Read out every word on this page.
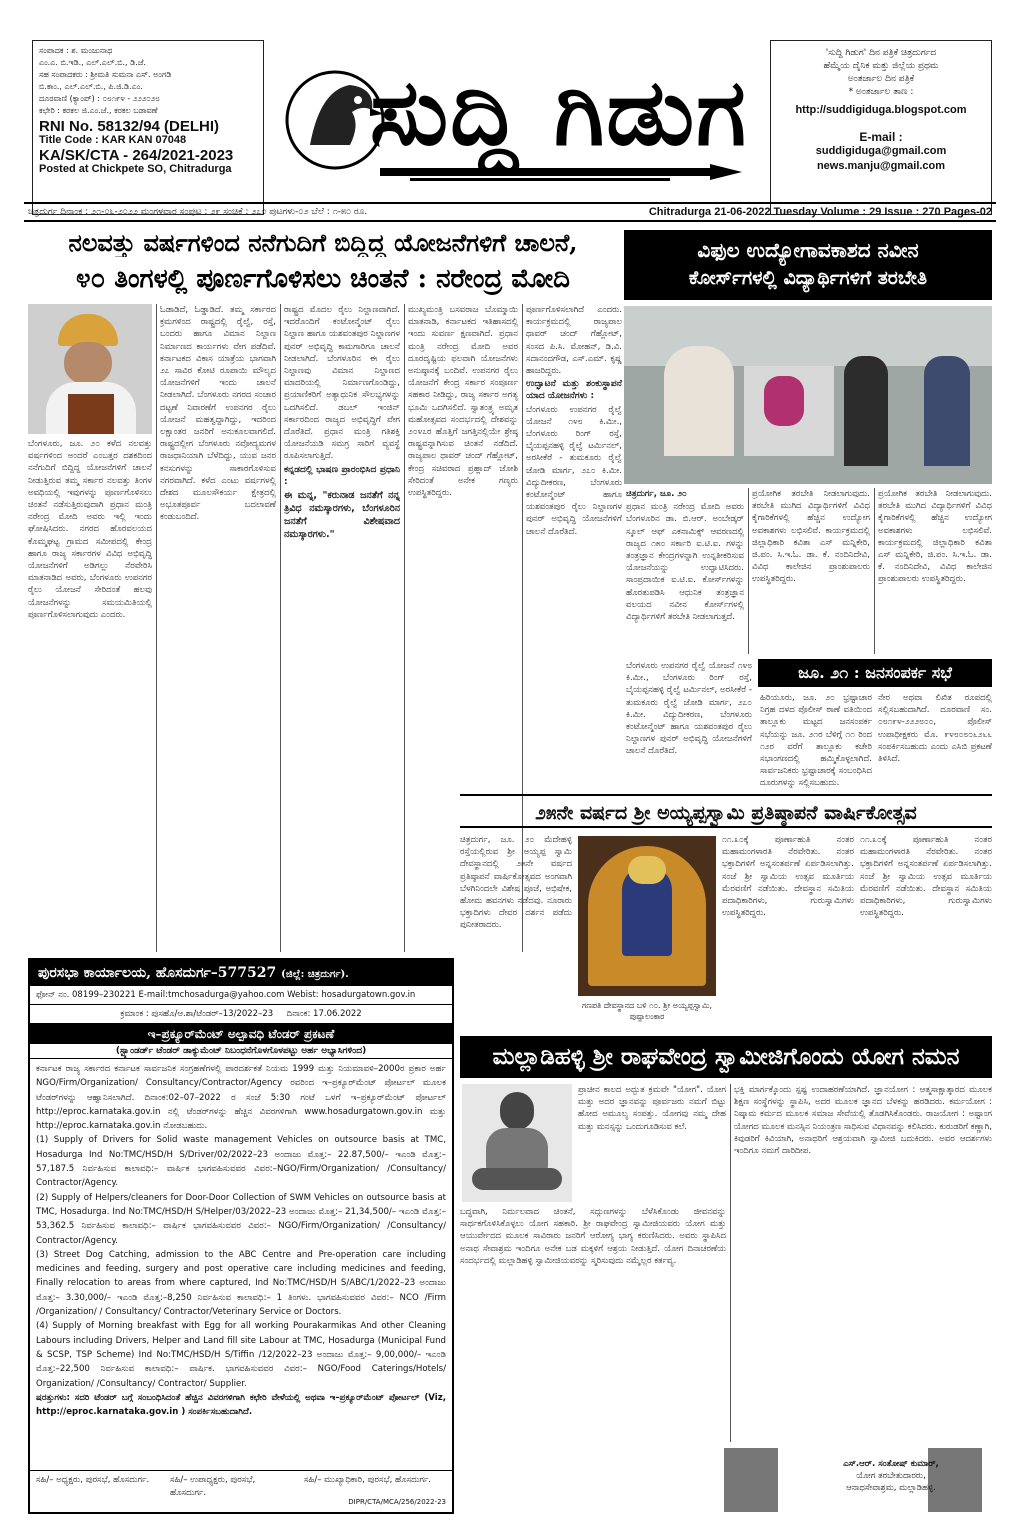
ಸಂಪಾದಕ : ಶ. ಮಂಜುನಾಥ
ಎಂ.ಎ. ಬಿ.ಇಡಿ., ಎಲ್.ಎಲ್.ಬಿ., ಡಿ.ಜೆ.
ಸಹ ಸಂಪಾದಕರು : ಶ್ರೀಮತಿ ಸುಮನಾ ಎಸ್. ಅಂಗಡಿ
ಬಿ.ಕಾಂ., ಎಲ್.ಎಲ್.ಬಿ., ಪಿ.ಜಿ.ಡಿ.ಎಂ.
ದೂರವಾಣಿ (ಕ್ಯಾಂಪ್) : ೦೮೧೯೪ - ೨೨೨೦೨೮
ಕಛೇರಿ : ಕರಕಲ ಜಿ.ಎಂ.ಜೆ., ಕರಕಲ ಬಡಾವಣೆ
RNI No. 58132/94 (DELHI)
Title Code : KAR KAN 07048
KA/SK/CTA - 264/2021-2023
Posted at Chickpete SO, Chitradurga
ಸುದ್ದಿ ಗಿಡುಗ
'ಸುದ್ದಿ ಗಿಡುಗ' ದಿನ ಪತ್ರಿಕೆ ಚಿತ್ರದುರ್ಗದ
ಹೆಮ್ಮೆಯ ದೈನಿಕ ಮತ್ತು ಜಿಲ್ಲೆಯ ಪ್ರಥಮ
ಅಂತರ್ಜಾಲ ದಿನ ಪತ್ರಿಕೆ
* ಅಂತರ್ಜಾಲ ತಾಣ :
http://suddigiduga.blogspot.com
E-mail :
suddigiduga@gmail.com
news.manju@gmail.com
ಚಿತ್ರದುರ್ಗ ದಿನಾಂಕ : ೨೧-೦೬-೨೦೨೨ ಮಂಗಳವಾರ ಸಂಪುಟ : ೨೯ ಸಂಚಿಕೆ : ೨೭೦ ಪುಟಗಳು-೦೨ ಬೆಲೆ : ೧-೫೦ ರೂ.	Chitradurga 21-06-2022 Tuesday Volume : 29 Issue : 270 Pages-02
ನಲವತ್ತು ವರ್ಷಗಳಿಂದ ನನೆಗುದಿಗೆ ಬಿದ್ದಿದ್ದ ಯೋಜನೆಗಳಿಗೆ ಚಾಲನೆ,
೪೦ ತಿಂಗಳಲ್ಲಿ ಪೂರ್ಣಗೊಳಿಸಲು ಚಿಂತನೆ : ನರೇಂದ್ರ ಮೋದಿ
ಬೆಂಗಳೂರು, ಜೂ. ೨೦ ಕಳೆದ ನಲವತ್ತು ವರ್ಷಗಳಿಂದ ಅಂದರೆ ಎಂಬತ್ತರ ದಶಕದಿಂದ ನನೆಗುದಿಗೆ ಬಿದ್ದಿದ್ದ ಯೋಜನೆಗಳಿಗೆ ಚಾಲನೆ ನೀಡುತ್ತಿರುವ ತಮ್ಮ ಸರ್ಕಾರ ನಲವತ್ತು ತಿಂಗಳ ಅವಧಿಯಲ್ಲಿ ಇವುಗಳನ್ನು ಪೂರ್ಣಗೊಳಿಸಲು ಚಿಂತನೆ ನಡೆಸುತ್ತಿರುವುದಾಗಿ ಪ್ರಧಾನ ಮಂತ್ರಿ ನರೇಂದ್ರ ಮೋದಿ ಅವರು ಇಲ್ಲಿ ಇಂದು ಘೋಷಿಸಿದರು. ನಗರದ ಹೊರವಲಯದ ಕೊಮ್ಮಘಟ್ಟ ಗ್ರಾಮದ ಸಮೀಪದಲ್ಲಿ ಕೇಂದ್ರ ಹಾಗೂ ರಾಜ್ಯ ಸರ್ಕಾರಗಳ ವಿವಿಧ ಅಭಿವೃದ್ಧಿ ಯೋಜನೆಗಳಿಗೆ ಅಡಿಗಲ್ಲು ನೆರವೇರಿಸಿ ಮಾತನಾಡಿದ ಅವರು, ಬೆಂಗಳೂರು ಉಪನಗರ ರೈಲು ಯೋಜನೆ ಸೇರಿದಂತೆ ಹಲವು ಯೋಜನೆಗಳನ್ನು ಸಮಯಮಿತಿಯಲ್ಲಿ ಪೂರ್ಣಗೊಳಿಸಲಾಗುವುದು ಎಂದರು.
ಓಡಾಡಿದೆ, ಓಡ್ಡಾಡಿದೆ. ತಮ್ಮ ಸರ್ಕಾರದ ಕ್ರಮಗಳಿಂದ ರಾಷ್ಟ್ರದಲ್ಲಿ ರೈಲ್ವೆ, ರಸ್ತೆ, ಬಂದರು ಹಾಗೂ ವಿಮಾನ ನಿಲ್ದಾಣ ನಿರ್ಮಾಣದ ಕಾರ್ಯಗಳು ವೇಗ ಪಡೆದಿವೆ. ಕರ್ನಾಟಕದ ವಿಕಾಸ ಯಾತ್ರೆಯ ಭಾಗವಾಗಿ ೨೭ ಸಾವಿರ ಕೋಟಿ ರೂಪಾಯಿ ಮೌಲ್ಯದ ಯೋಜನೆಗಳಿಗೆ ಇಂದು ಚಾಲನೆ ನೀಡಲಾಗಿದೆ. ಬೆಂಗಳೂರು ನಗರದ ಸಂಚಾರ ದಟ್ಟಣೆ ನಿವಾರಣೆಗೆ ಉಪನಗರ ರೈಲು ಯೋಜನೆ ಮಹತ್ವದ್ದಾಗಿದ್ದು, ಇದರಿಂದ ಲಕ್ಷಾಂತರ ಜನರಿಗೆ ಅನುಕೂಲವಾಗಲಿದೆ. ರಾಷ್ಟ್ರದಲ್ಲೀಗ ಬೆಂಗಳೂರು ನವೋದ್ಯಮಗಳ ರಾಜಧಾನಿಯಾಗಿ ಬೆಳೆದಿದ್ದು, ಯುವ ಜನರ ಕನಸುಗಳನ್ನು ಸಾಕಾರಗೊಳಿಸುವ ನಗರವಾಗಿದೆ. ಕಳೆದ ಎಂಟು ವರ್ಷಗಳಲ್ಲಿ ದೇಶದ ಮೂಲಸೌಕರ್ಯ ಕ್ಷೇತ್ರದಲ್ಲಿ ಅಭೂತಪೂರ್ವ ಬದಲಾವಣೆ ಕಂಡುಬಂದಿದೆ.

ರಾಷ್ಟ್ರದ ಮೊದಲ ರೈಲು ನಿಲ್ದಾಣವಾಗಿದೆ. ಇದರೊಂದಿಗೆ ಕಂಟೋನ್ಮೆಂಟ್ ರೈಲು ನಿಲ್ದಾಣ ಹಾಗೂ ಯಶವಂತಪುರ ನಿಲ್ದಾಣಗಳ ಪುನರ್ ಅಭಿವೃದ್ಧಿ ಕಾಮಗಾರಿಗೂ ಚಾಲನೆ ನೀಡಲಾಗಿದೆ. ಬೆಂಗಳೂರಿನ ಈ ರೈಲು ನಿಲ್ದಾಣವು ವಿಮಾನ ನಿಲ್ದಾಣದ ಮಾದರಿಯಲ್ಲಿ ನಿರ್ಮಾಣಗೊಂಡಿದ್ದು, ಪ್ರಯಾಣಿಕರಿಗೆ ಅತ್ಯಾಧುನಿಕ ಸೌಲಭ್ಯಗಳನ್ನು ಒದಗಿಸಲಿದೆ. ಡಬಲ್ ಇಂಜಿನ್ ಸರ್ಕಾರದಿಂದ ರಾಜ್ಯದ ಅಭಿವೃದ್ಧಿಗೆ ವೇಗ ದೊರೆತಿದೆ. ಪ್ರಧಾನ ಮಂತ್ರಿ ಗತಿಶಕ್ತಿ ಯೋಜನೆಯಡಿ ಸಮಗ್ರ ಸಾರಿಗೆ ವ್ಯವಸ್ಥೆ ರೂಪಿಸಲಾಗುತ್ತಿದೆ.

ಕನ್ನಡದಲ್ಲಿ ಭಾಷಣ ಪ್ರಾರಂಭಿಸಿದ ಪ್ರಧಾನಿ :

ಈ ಮನ್ನ, "ಕರುನಾಡ ಜನತೆಗೆ ನನ್ನ ತ್ರಿವಿಧ ನಮಸ್ಕಾರಗಳು, ಬೆಂಗಳೂರಿನ ಜನತೆಗೆ ವಿಶೇಷವಾದ ನಮಸ್ಕಾರಗಳು."

ಮುಖ್ಯಮಂತ್ರಿ ಬಸವರಾಜ ಬೊಮ್ಮಾಯಿ ಮಾತನಾಡಿ, ಕರ್ನಾಟಕದ ಇತಿಹಾಸದಲ್ಲಿ ಇಂದು ಸುವರ್ಣ ಕ್ಷಣವಾಗಿದೆ. ಪ್ರಧಾನ ಮಂತ್ರಿ ನರೇಂದ್ರ ಮೋದಿ ಅವರ ದೂರದೃಷ್ಟಿಯ ಫಲವಾಗಿ ಯೋಜನೆಗಳು ಅನುಷ್ಠಾನಕ್ಕೆ ಬಂದಿವೆ. ಉಪನಗರ ರೈಲು ಯೋಜನೆಗೆ ಕೇಂದ್ರ ಸರ್ಕಾರ ಸಂಪೂರ್ಣ ಸಹಕಾರ ನೀಡಿದ್ದು, ರಾಜ್ಯ ಸರ್ಕಾರ ಅಗತ್ಯ ಭೂಮಿ ಒದಗಿಸಲಿದೆ. ಸ್ವಾತಂತ್ರ್ಯ ಅಮೃತ ಮಹೋತ್ಸವದ ಸಂದರ್ಭದಲ್ಲಿ ದೇಶವನ್ನು ೨೦೪೭ರ ಹೊತ್ತಿಗೆ ಜಗತ್ತಿನಲ್ಲಿಯೇ ಶ್ರೇಷ್ಠ ರಾಷ್ಟ್ರವನ್ನಾಗಿಸುವ ಚಿಂತನೆ ನಡೆದಿದೆ. ರಾಜ್ಯಪಾಲ ಥಾವರ್ ಚಂದ್ ಗೆಹ್ಲೋಟ್, ಕೇಂದ್ರ ಸಚಿವರಾದ ಪ್ರಹ್ಲಾದ್ ಜೋಶಿ ಸೇರಿದಂತೆ ಅನೇಕ ಗಣ್ಯರು ಉಪಸ್ಥಿತರಿದ್ದರು.

ಪೂರ್ಣಗೊಳಿಸಲಾಗಿದೆ ಎಂದರು. ಕಾರ್ಯಕ್ರಮದಲ್ಲಿ ರಾಜ್ಯಪಾಲ ಥಾವರ್ ಚಂದ್ ಗೆಹ್ಲೋಟ್, ಸಂಸದ ಪಿ.ಸಿ. ಮೋಹನ್, ಡಿ.ವಿ. ಸದಾನಂದಗೌಡ, ಎಸ್.ಎಮ್. ಕೃಷ್ಣ ಹಾಜರಿದ್ದರು.

ಉದ್ಘಾಟನೆ ಮತ್ತು ಶಂಕುಸ್ಥಾಪನೆ ಯಾದ ಯೋಜನೆಗಳು :

ಬೆಂಗಳೂರು ಉಪನಗರ ರೈಲ್ವೆ ಯೋಜನೆ ೧೪೮ ಕಿ.ಮೀ., ಬೆಂಗಳೂರು ರಿಂಗ್ ರಸ್ತೆ, ಬೈಯಪ್ಪನಹಳ್ಳಿ ರೈಲ್ವೆ ಟರ್ಮಿನಲ್, ಅರಸೀಕೆರೆ - ತುಮಕೂರು ರೈಲ್ವೆ ಜೋಡಿ ಮಾರ್ಗ, ೨೭೦ ಕಿ.ಮೀ. ವಿದ್ಯುದೀಕರಣ, ಬೆಂಗಳೂರು ಕಂಟೋನ್ಮೆಂಟ್ ಹಾಗೂ ಯಶವಂತಪುರ ರೈಲು ನಿಲ್ದಾಣಗಳ ಪುನರ್ ಅಭಿವೃದ್ಧಿ ಯೋಜನೆಗಳಿಗೆ ಚಾಲನೆ ದೊರೆತಿದೆ.

ವಿಫುಲ ಉದ್ಯೋಗಾವಕಾಶದ ನವೀನ
ಕೋರ್ಸ್‌ಗಳಲ್ಲಿ ವಿದ್ಯಾರ್ಥಿಗಳಿಗೆ ತರಬೇತಿ

ಚಿತ್ರದುರ್ಗ, ಜೂ. ೨೦

ಪ್ರಧಾನ ಮಂತ್ರಿ ನರೇಂದ್ರ ಮೋದಿ ಅವರು ಬೆಂಗಳೂರಿನ ಡಾ. ಬಿ.ಆರ್. ಅಂಬೇಡ್ಕರ್ ಸ್ಕೂಲ್ ಆಫ್ ಎಕನಾಮಿಕ್ಸ್ ಆವರಣದಲ್ಲಿ ರಾಜ್ಯದ ೧೫೦ ಸರ್ಕಾರಿ ಐ.ಟಿ.ಐ. ಗಳನ್ನು ತಂತ್ರಜ್ಞಾನ ಕೇಂದ್ರಗಳನ್ನಾಗಿ ಉನ್ನತೀಕರಿಸುವ ಯೋಜನೆಯನ್ನು ಉದ್ಘಾಟಿಸಿದರು. ಸಾಂಪ್ರದಾಯಿಕ ಐ.ಟಿ.ಐ. ಕೋರ್ಸ್‌ಗಳನ್ನು ಹೊರತುಪಡಿಸಿ ಆಧುನಿಕ ತಂತ್ರಜ್ಞಾನ ವಲಯದ ನವೀನ ಕೋರ್ಸ್‌ಗಳಲ್ಲಿ ವಿದ್ಯಾರ್ಥಿಗಳಿಗೆ ತರಬೇತಿ ನೀಡಲಾಗುತ್ತದೆ.

ಪ್ರಯೋಗಿಕ ತರಬೇತಿ ನೀಡಲಾಗುವುದು. ತರಬೇತಿ ಮುಗಿದ ವಿದ್ಯಾರ್ಥಿಗಳಿಗೆ ವಿವಿಧ ಕೈಗಾರಿಕೆಗಳಲ್ಲಿ ಹೆಚ್ಚಿನ ಉದ್ಯೋಗ ಅವಕಾಶಗಳು ಲಭಿಸಲಿವೆ. ಕಾರ್ಯಕ್ರಮದಲ್ಲಿ ಜಿಲ್ಲಾಧಿಕಾರಿ ಕವಿತಾ ಎಸ್ ಮನ್ನಿಕೇರಿ, ಜಿ.ಪಂ. ಸಿ.ಇ.ಓ. ಡಾ. ಕೆ. ನಂದಿನಿದೇವಿ, ವಿವಿಧ ಕಾಲೇಜಿನ ಪ್ರಾಂಶುಪಾಲರು ಉಪಸ್ಥಿತರಿದ್ದರು.
ಪ್ರಯೋಗಿಕ ತರಬೇತಿ ನೀಡಲಾಗುವುದು. ತರಬೇತಿ ಮುಗಿದ ವಿದ್ಯಾರ್ಥಿಗಳಿಗೆ ವಿವಿಧ ಕೈಗಾರಿಕೆಗಳಲ್ಲಿ ಹೆಚ್ಚಿನ ಉದ್ಯೋಗ ಅವಕಾಶಗಳು ಲಭಿಸಲಿವೆ. ಕಾರ್ಯಕ್ರಮದಲ್ಲಿ ಜಿಲ್ಲಾಧಿಕಾರಿ ಕವಿತಾ ಎಸ್ ಮನ್ನಿಕೇರಿ, ಜಿ.ಪಂ. ಸಿ.ಇ.ಓ. ಡಾ. ಕೆ. ನಂದಿನಿದೇವಿ, ವಿವಿಧ ಕಾಲೇಜಿನ ಪ್ರಾಂಶುಪಾಲರು ಉಪಸ್ಥಿತರಿದ್ದರು.
ಜೂ. ೨೧ : ಜನಸಂಪರ್ಕ ಸಭೆ
ಹಿರಿಯೂರು, ಜೂ. ೨೦ ಭ್ರಷ್ಟಾಚಾರ ನಿಗ್ರಹ ದಳದ ಪೊಲೀಸ್ ಠಾಣೆ ವತಿಯಿಂದ ತಾಲ್ಲೂಕು ಮಟ್ಟದ ಜನಸಂಪರ್ಕ ಸಭೆಯನ್ನು ಜೂ. ೨೧ರ ಬೆಳಿಗ್ಗೆ ೧೧ ರಿಂದ ೧೨ರ ವರೆಗೆ ತಾಲ್ಲೂಕು ಕಚೇರಿ ಸಭಾಂಗಣದಲ್ಲಿ ಹಮ್ಮಿಕೊಳ್ಳಲಾಗಿದೆ. ಸಾರ್ವಜನಿಕರು ಭ್ರಷ್ಟಾಚಾರಕ್ಕೆ ಸಂಬಂಧಿಸಿದ ದೂರುಗಳನ್ನು ಸಲ್ಲಿಸಬಹುದು.
ನೇರ ಅಥವಾ ಲಿಖಿತ ರೂಪದಲ್ಲಿ ಸಲ್ಲಿಸಬಹುದಾಗಿದೆ. ದೂರವಾಣಿ ಸಂ. ೦೮೧೯೪-೨೨೨೮೦೦, ಪೊಲೀಸ್ ಉಪಾಧೀಕ್ಷಕರು ಮೊ. ೯೪೮೦೮೦೬೨೬೬ ಸಂಪರ್ಕಿಸಬಹುದು ಎಂದು ಎಸಿಬಿ ಪ್ರಕಟಣೆ ತಿಳಿಸಿದೆ.
ಬೆಂಗಳೂರು ಉಪನಗರ ರೈಲ್ವೆ ಯೋಜನೆ ೧೪೮ ಕಿ.ಮೀ., ಬೆಂಗಳೂರು ರಿಂಗ್ ರಸ್ತೆ, ಬೈಯಪ್ಪನಹಳ್ಳಿ ರೈಲ್ವೆ ಟರ್ಮಿನಲ್, ಅರಸೀಕೆರೆ - ತುಮಕೂರು ರೈಲ್ವೆ ಜೋಡಿ ಮಾರ್ಗ, ೨೭೦ ಕಿ.ಮೀ. ವಿದ್ಯುದೀಕರಣ, ಬೆಂಗಳೂರು ಕಂಟೋನ್ಮೆಂಟ್ ಹಾಗೂ ಯಶವಂತಪುರ ರೈಲು ನಿಲ್ದಾಣಗಳ ಪುನರ್ ಅಭಿವೃದ್ಧಿ ಯೋಜನೆಗಳಿಗೆ ಚಾಲನೆ ದೊರೆತಿದೆ.
೨೫ನೇ ವರ್ಷದ ಶ್ರೀ ಅಯ್ಯಪ್ಪಸ್ವಾಮಿ ಪ್ರತಿಷ್ಠಾಪನೆ ವಾರ್ಷಿಕೋತ್ಸವ
ಚಿತ್ರದುರ್ಗ, ಜೂ. ೨೦ ಮೆದೇಹಳ್ಳಿ ರಸ್ತೆಯಲ್ಲಿರುವ ಶ್ರೀ ಅಯ್ಯಪ್ಪ ಸ್ವಾಮಿ ದೇವಸ್ಥಾನದಲ್ಲಿ ೨೫ನೇ ವರ್ಷದ ಪ್ರತಿಷ್ಠಾಪನೆ ವಾರ್ಷಿಕೋತ್ಸವದ ಅಂಗವಾಗಿ ಬೆಳಗಿನಿಂದಲೇ ವಿಶೇಷ ಪೂಜೆ, ಅಭಿಷೇಕ, ಹೋಮ ಹವನಗಳು ನಡೆದವು. ನೂರಾರು ಭಕ್ತಾದಿಗಳು ದೇವರ ದರ್ಶನ ಪಡೆದು ಪುನೀತರಾದರು.
ಗಣಪತಿ ದೇವಸ್ಥಾನದ ಬಳಿ ೧೦. ಶ್ರೀ ಅಯ್ಯಪ್ಪಸ್ವಾಮಿ, ಪುಷ್ಪಾಲಂಕಾರ
೧೧.೩೦ಕ್ಕೆ ಪೂರ್ಣಾಹುತಿ ನಂತರ ಮಹಾಮಂಗಳಾರತಿ ನೆರವೇರಿತು. ನಂತರ ಭಕ್ತಾದಿಗಳಿಗೆ ಅನ್ನಸಂತರ್ಪಣೆ ಏರ್ಪಡಿಸಲಾಗಿತ್ತು. ಸಂಜೆ ಶ್ರೀ ಸ್ವಾಮಿಯ ಉತ್ಸವ ಮೂರ್ತಿಯ ಮೆರವಣಿಗೆ ನಡೆಯಿತು. ದೇವಸ್ಥಾನ ಸಮಿತಿಯ ಪದಾಧಿಕಾರಿಗಳು, ಗುರುಸ್ವಾಮಿಗಳು ಉಪಸ್ಥಿತರಿದ್ದರು.
೧೧.೩೦ಕ್ಕೆ ಪೂರ್ಣಾಹುತಿ ನಂತರ ಮಹಾಮಂಗಳಾರತಿ ನೆರವೇರಿತು. ನಂತರ ಭಕ್ತಾದಿಗಳಿಗೆ ಅನ್ನಸಂತರ್ಪಣೆ ಏರ್ಪಡಿಸಲಾಗಿತ್ತು. ಸಂಜೆ ಶ್ರೀ ಸ್ವಾಮಿಯ ಉತ್ಸವ ಮೂರ್ತಿಯ ಮೆರವಣಿಗೆ ನಡೆಯಿತು. ದೇವಸ್ಥಾನ ಸಮಿತಿಯ ಪದಾಧಿಕಾರಿಗಳು, ಗುರುಸ್ವಾಮಿಗಳು ಉಪಸ್ಥಿತರಿದ್ದರು.
ಪುರಸಭಾ ಕಾರ್ಯಾಲಯ, ಹೊಸದುರ್ಗ–577527 (ಜಿಲ್ಲೆ: ಚಿತ್ರದುರ್ಗ).
ಫೋನ್ ನಂ. 08199–230221 E-mail:tmchosadurga@yahoo.com Webist: hosadurgatown.gov.in
ಕ್ರಮಾಂಕ : ಪುಸಹೊ/ಆ.ಶಾ/ಟೆಂಡರ್–13/2022–23 ದಿನಾಂಕ: 17.06.2022
ಇ–ಪ್ರಕ್ಯೂರ್‌ಮೆಂಟ್ ಅಲ್ಪಾವಧಿ ಟೆಂಡರ್ ಪ್ರಕಟಣೆ
(ಸ್ಟ್ಯಾಂಡರ್ಡ್ ಟೆಂಡರ್ ಡಾಕ್ಯುಮೆಂಟ್ ನಿಬಂಧನೆಗೊಳಗೊಳಪಟ್ಟು ಅರ್ಹ ಅಭ್ಯಾಸಿಗಳಿಂದ)

ಕರ್ನಾಟಕ ರಾಜ್ಯ ಸರ್ಕಾರದ ಕರ್ನಾಟಕ ಸಾರ್ವಜನಿಕ ಸಂಗ್ರಹಣೆಗಳಲ್ಲಿ ಪಾರದರ್ಶಕತೆ ನಿಯಮ 1999 ಮತ್ತು ನಿಯಮಾವಳಿ–2000ರ ಪ್ರಕಾರ ಅರ್ಹ NGO/Firm/Organization/ Consultancy/Contractor/Agency ರವರಿಂದ ಇ–ಪ್ರಕ್ಯೂರ್‌ಮೆಂಟ್ ಪೋರ್ಟಲ್ ಮೂಲಕ ಟೆಂಡರ್‌ಗಳನ್ನು ಆಹ್ವಾನಿಸಲಾಗಿದೆ. ದಿನಾಂಕ:02–07–2022 ರ ಸಂಜೆ 5:30 ಗಂಟೆ ಒಳಗೆ ಇ–ಪ್ರಕ್ಯೂರ್‌ಮೆಂಟ್ ಪೋರ್ಟಲ್ http://eproc.karnataka.gov.in ನಲ್ಲಿ ಟೆಂಡರ್‌ಗಳನ್ನು ಹೆಚ್ಚಿನ ವಿವರಗಳಿಗಾಗಿ www.hosadurgatown.gov.in ಮತ್ತು http://eproc.karnataka.gov.in ನೋಡಬಹುದು.

(1) Supply of Drivers for Solid waste management Vehicles on outsource basis at TMC, Hosadurga Ind No:TMC/HSD/H S/Driver/02/2022–23 ಅಂದಾಜು ಮೊತ್ತ:– 22.87,500/– ಇಎಂಡಿ ಮೊತ್ತ:–57,187.5 ನಿರ್ವಹಿಸುವ ಕಾಲಾವಧಿ:– ವಾರ್ಷಿಕ ಭಾಗವಹಿಸುವವರ ವಿವರ:–NGO/Firm/Organization/ /Consultancy/ Contractor/Agency.

(2) Supply of Helpers/cleaners for Door-Door Collection of SWM Vehicles on outsource basis at TMC, Hosadurga. Ind No:TMC/HSD/H S/Helper/03/2022–23 ಅಂದಾಜು ಮೊತ್ತ:– 21,34,500/– ಇಎಂಡಿ ಮೊತ್ತ:–53,362.5 ನಿರ್ವಹಿಸುವ ಕಾಲಾವಧಿ:– ವಾರ್ಷಿಕ ಭಾಗವಹಿಸುವವರ ವಿವರ:– NGO/Firm/Organization/ /Consultancy/ Contractor/Agency.

(3) Street Dog Catching, admission to the ABC Centre and Pre-operation care including medicines and feeding, surgery and post operative care including medicines and feeding, Finally relocation to areas from where captured, Ind No:TMC/HSD/H S/ABC/1/2022–23 ಅಂದಾಜು ಮೊತ್ತ:– 3.30,000/– ಇಎಂಡಿ ಮೊತ್ತ:–8,250 ನಿರ್ವಹಿಸುವ ಕಾಲಾವಧಿ:– 1 ತಿಂಗಳು. ಭಾಗವಹಿಸುವವರ ವಿವರ:– NCO /Firm /Organization/ / Consultancy/ Contractor/Veterinary Service or Doctors.

(4) Supply of Morning breakfast with Egg for all working Pourakarmikas And other Cleaning Labours including Drivers, Helper and Land fill site Labour at TMC, Hosadurga (Municipal Fund & SCSP, TSP Scheme) Ind No:TMC/HSD/H S/Tiffin /12/2022–23 ಅಂದಾಜು ಮೊತ್ತ:– 9,00,000/– ಇಎಂಡಿ ಮೊತ್ತ:–22,500 ನಿರ್ವಹಿಸುವ ಕಾಲಾವಧಿ:– ವಾರ್ಷಿಕ. ಭಾಗವಹಿಸುವವರ ವಿವರ:– NGO/Food Caterings/Hotels/ Organization/ /Consultancy/ Contractor/ Supplier.

ಷರತ್ತುಗಳು: ಸದರಿ ಟೆಂಡರ್ ಬಗ್ಗೆ ಸಂಬಂಧಿಸಿದಂತೆ ಹೆಚ್ಚಿನ ವಿವರಗಳಿಗಾಗಿ ಕಛೇರಿ ವೇಳೆಯಲ್ಲಿ ಅಥವಾ ಇ–ಪ್ರಕ್ಯೂರ್‌ಮೆಂಟ್ ಪೋರ್ಟಲ್ (Viz, http://eproc.karnataka.gov.in ) ಸಂಪರ್ಕಿಸಬಹುದಾಗಿದೆ.

ಸಹಿ/– ಅಧ್ಯಕ್ಷರು, ಪುರಸಭೆ, ಹೊಸದುರ್ಗ.	ಸಹಿ/– ಉಪಾಧ್ಯಕ್ಷರು, ಪುರಸಭೆ, ಹೊಸದುರ್ಗ.
ಸಹಿ/– ಮುಖ್ಯಾಧಿಕಾರಿ, ಪುರಸಭೆ, ಹೊಸದುರ್ಗ.
DIPR/CTA/MCA/256/2022-23
ಮಲ್ಲಾಡಿಹಳ್ಳಿ ಶ್ರೀ ರಾಘವೇಂದ್ರ ಸ್ವಾಮೀಜಿಗೊಂದು ಯೋಗ ನಮನ
ಪ್ರಾಚೀನ ಕಾಲದ ಅದ್ಭುತ ಕ್ರಮವೇ "ಯೋಗ". ಯೋಗ ಮತ್ತು ಅದರ ಜ್ಞಾನವನ್ನು ಪೂರ್ವಜರು ನಮಗೆ ಬಿಟ್ಟು ಹೋದ ಅಮೂಲ್ಯ ಸಂಪತ್ತು. ಯೋಗವು ನಮ್ಮ ದೇಹ ಮತ್ತು ಮನಸ್ಸನ್ನು ಒಂದುಗೂಡಿಸುವ ಕಲೆ.
ಬದ್ಧವಾಗಿ, ನಿರ್ಮಲವಾದ ಚಿಂತನೆ, ಸದ್ಗುಣಗಳನ್ನು ಬೆಳೆಸಿಕೊಂಡು ಜೀವನವನ್ನು ಸಾರ್ಥಕಗೊಳಿಸಿಕೊಳ್ಳಲು ಯೋಗ ಸಹಕಾರಿ. ಶ್ರೀ ರಾಘವೇಂದ್ರ ಸ್ವಾಮೀಜಿಯವರು ಯೋಗ ಮತ್ತು ಆಯುರ್ವೇದದ ಮೂಲಕ ಸಾವಿರಾರು ಜನರಿಗೆ ಆರೋಗ್ಯ ಭಾಗ್ಯ ಕರುಣಿಸಿದರು. ಅವರು ಸ್ಥಾಪಿಸಿದ ಅನಾಥ ಸೇವಾಶ್ರಮ ಇಂದಿಗೂ ಅನೇಕ ಬಡ ಮಕ್ಕಳಿಗೆ ಆಶ್ರಯ ನೀಡುತ್ತಿದೆ. ಯೋಗ ದಿನಾಚರಣೆಯ ಸಂದರ್ಭದಲ್ಲಿ ಮಲ್ಲಾಡಿಹಳ್ಳಿ ಸ್ವಾಮೀಜಿಯವರನ್ನು ಸ್ಮರಿಸುವುದು ನಮ್ಮೆಲ್ಲರ ಕರ್ತವ್ಯ.
ಭಕ್ತಿ ಮಾರ್ಗಕ್ಕೊಂದು ಸ್ಪಷ್ಟ ಉದಾಹರಣೆಯಾಗಿದೆ. ಜ್ಞಾನಯೋಗ : ಆತ್ಮಸಾಕ್ಷಾತ್ಕಾರದ ಮೂಲಕ ಶಿಕ್ಷಣ ಸಂಸ್ಥೆಗಳನ್ನು ಸ್ಥಾಪಿಸಿ, ಅದರ ಮೂಲಕ ಜ್ಞಾನದ ಬೆಳಕನ್ನು ಹರಡಿದರು. ಕರ್ಮಯೋಗ : ನಿಷ್ಕಾಮ ಕರ್ಮದ ಮೂಲಕ ಸಮಾಜ ಸೇವೆಯಲ್ಲಿ ತೊಡಗಿಸಿಕೊಂಡರು. ರಾಜಯೋಗ : ಅಷ್ಟಾಂಗ ಯೋಗದ ಮೂಲಕ ಮನಸ್ಸಿನ ನಿಯಂತ್ರಣ ಸಾಧಿಸುವ ವಿಧಾನವನ್ನು ಕಲಿಸಿದರು. ಕುರುಡರಿಗೆ ಕಣ್ಣಾಗಿ, ಕಿವುಡರಿಗೆ ಕಿವಿಯಾಗಿ, ಅನಾಥರಿಗೆ ಆಶ್ರಯವಾಗಿ ಸ್ವಾಮೀಜಿ ಬದುಕಿದರು. ಅವರ ಆದರ್ಶಗಳು ಇಂದಿಗೂ ನಮಗೆ ದಾರಿದೀಪ.
ಎಸ್.ಆರ್. ಸಂತೋಷ್ ಕುಮಾರ್,
ಯೋಗ ತರಬೇತುದಾರರು,
ಆನಾಥಸೇವಾಶ್ರಮ, ಮಲ್ಲಾಡಿಹಳ್ಳಿ.
